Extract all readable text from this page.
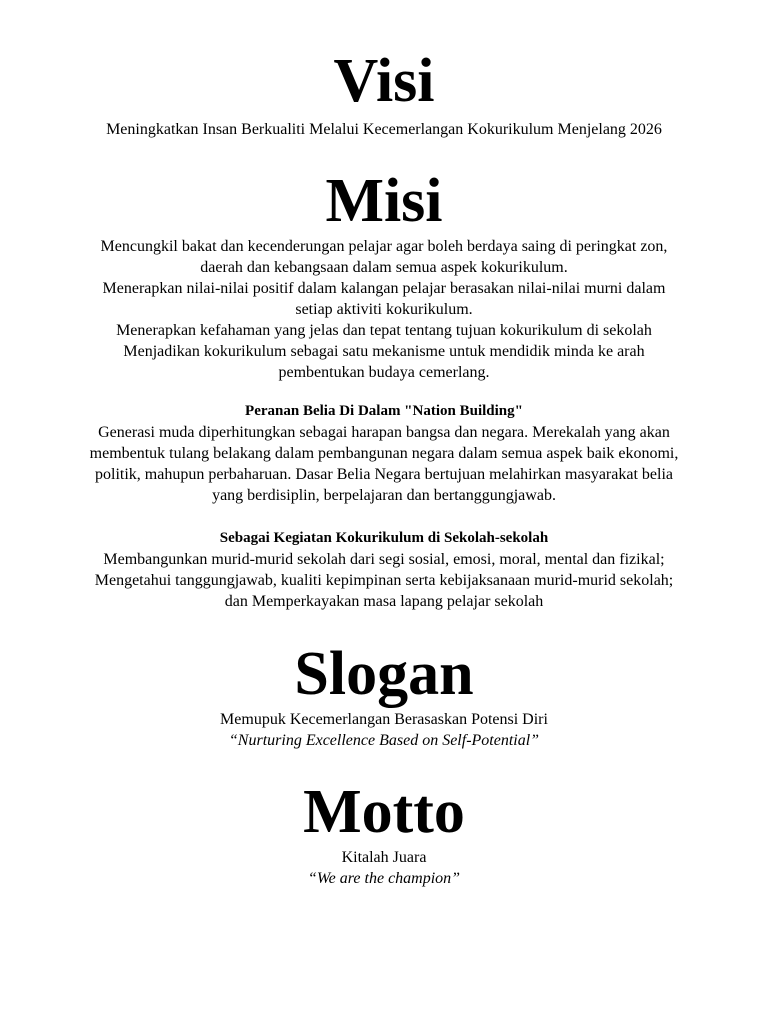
Visi

Meningkatkan Insan Berkualiti Melalui Kecemerlangan Kokurikulum Menjelang 2026

Misi
Mencungkil bakat dan kecenderungan pelajar agar boleh berdaya saing di peringkat zon,
daerah dan kebangsaan dalam semua aspek kokurikulum.
Menerapkan nilai-nilai positif dalam kalangan pelajar berasakan nilai-nilai murni dalam
setiap aktiviti kokurikulum.
Menerapkan kefahaman yang jelas dan tepat tentang tujuan kokurikulum di sekolah
Menjadikan kokurikulum sebagai satu mekanisme untuk mendidik minda ke arah
pembentukan budaya cemerlang.

Peranan Belia Di Dalam "Nation Building"

Generasi muda diperhitungkan sebagai harapan bangsa dan negara. Merekalah yang akan
membentuk tulang belakang dalam pembangunan negara dalam semua aspek baik ekonomi,
politik, mahupun perbaharuan. Dasar Belia Negara bertujuan melahirkan masyarakat belia
yang berdisiplin, berpelajaran dan bertanggungjawab.

Sebagai Kegiatan Kokurikulum di Sekolah-sekolah

Membangunkan murid-murid sekolah dari segi sosial, emosi, moral, mental dan fizikal;
Mengetahui tanggungjawab, kualiti kepimpinan serta kebijaksanaan murid-murid sekolah;
dan Memperkayakan masa lapang pelajar sekolah
Slogan
Memupuk Kecemerlangan Berasaskan Potensi Diri
“Nurturing Excellence Based on Self-Potential”
Motto
Kitalah Juara
“We are the champion”
